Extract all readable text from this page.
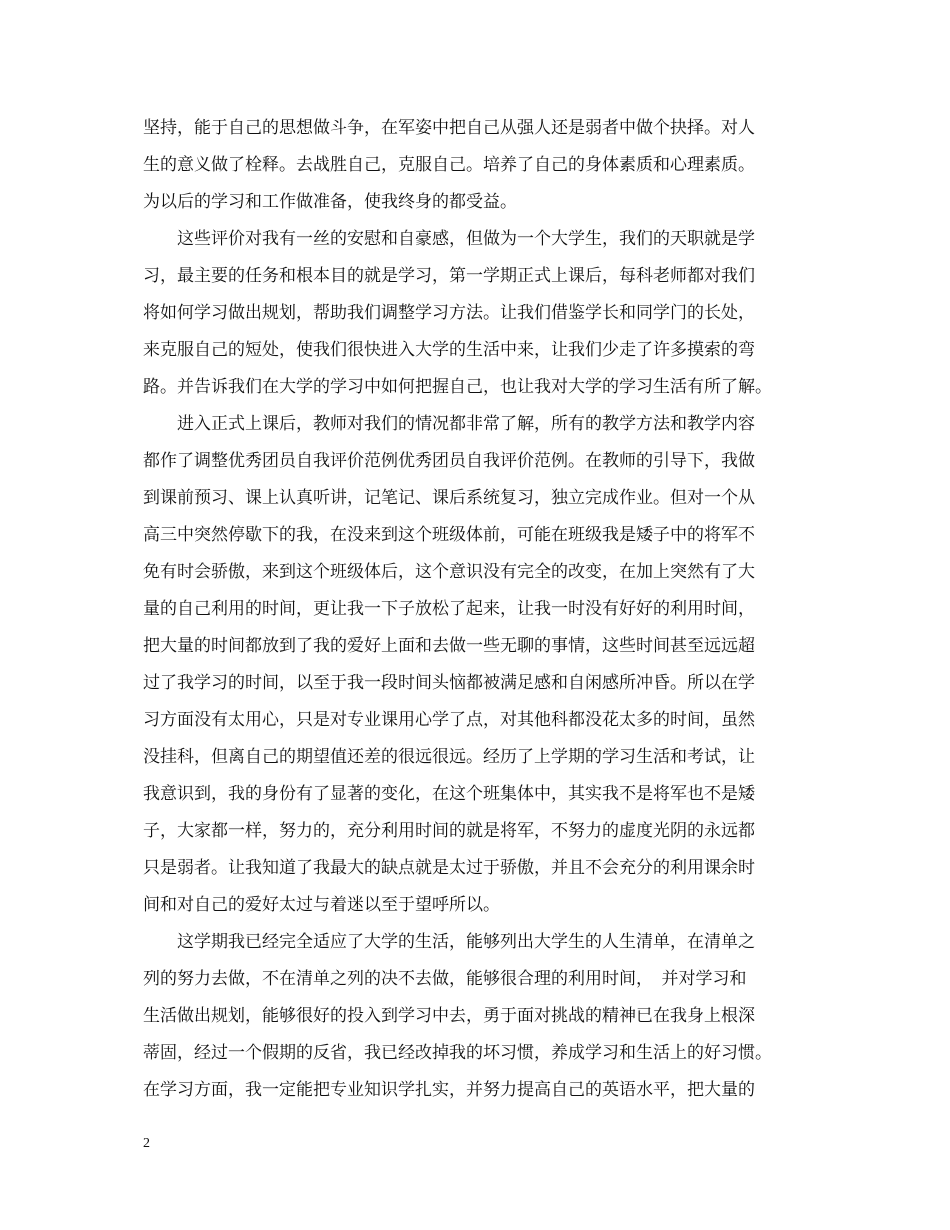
坚持，能于自己的思想做斗争，在军姿中把自己从强人还是弱者中做个抉择。对人
生的意义做了栓释。去战胜自己，克服自己。培养了自己的身体素质和心理素质。
为以后的学习和工作做准备，使我终身的都受益。
　　这些评价对我有一丝的安慰和自豪感，但做为一个大学生，我们的天职就是学
习，最主要的任务和根本目的就是学习，第一学期正式上课后，每科老师都对我们
将如何学习做出规划，帮助我们调整学习方法。让我们借鉴学长和同学门的长处，
来克服自己的短处，使我们很快进入大学的生活中来，让我们少走了许多摸索的弯
路。并告诉我们在大学的学习中如何把握自己，也让我对大学的学习生活有所了解。
　　进入正式上课后，教师对我们的情况都非常了解，所有的教学方法和教学内容
都作了调整优秀团员自我评价范例优秀团员自我评价范例。在教师的引导下，我做
到课前预习、课上认真听讲，记笔记、课后系统复习，独立完成作业。但对一个从
高三中突然停歇下的我，在没来到这个班级体前，可能在班级我是矮子中的将军不
免有时会骄傲，来到这个班级体后，这个意识没有完全的改变，在加上突然有了大
量的自己利用的时间，更让我一下子放松了起来，让我一时没有好好的利用时间，
把大量的时间都放到了我的爱好上面和去做一些无聊的事情，这些时间甚至远远超
过了我学习的时间，以至于我一段时间头恼都被满足感和自闲感所冲昏。所以在学
习方面没有太用心，只是对专业课用心学了点，对其他科都没花太多的时间，虽然
没挂科，但离自己的期望值还差的很远很远。经历了上学期的学习生活和考试，让
我意识到，我的身份有了显著的变化，在这个班集体中，其实我不是将军也不是矮
子，大家都一样，努力的，充分利用时间的就是将军，不努力的虚度光阴的永远都
只是弱者。让我知道了我最大的缺点就是太过于骄傲，并且不会充分的利用课余时
间和对自己的爱好太过与着迷以至于望呼所以。
　　这学期我已经完全适应了大学的生活，能够列出大学生的人生清单，在清单之
列的努力去做，不在清单之列的决不去做，能够很合理的利用时间，　并对学习和
生活做出规划，能够很好的投入到学习中去，勇于面对挑战的精神已在我身上根深
蒂固，经过一个假期的反省，我已经改掉我的坏习惯，养成学习和生活上的好习惯。
在学习方面，我一定能把专业知识学扎实，并努力提高自己的英语水平，把大量的
2
